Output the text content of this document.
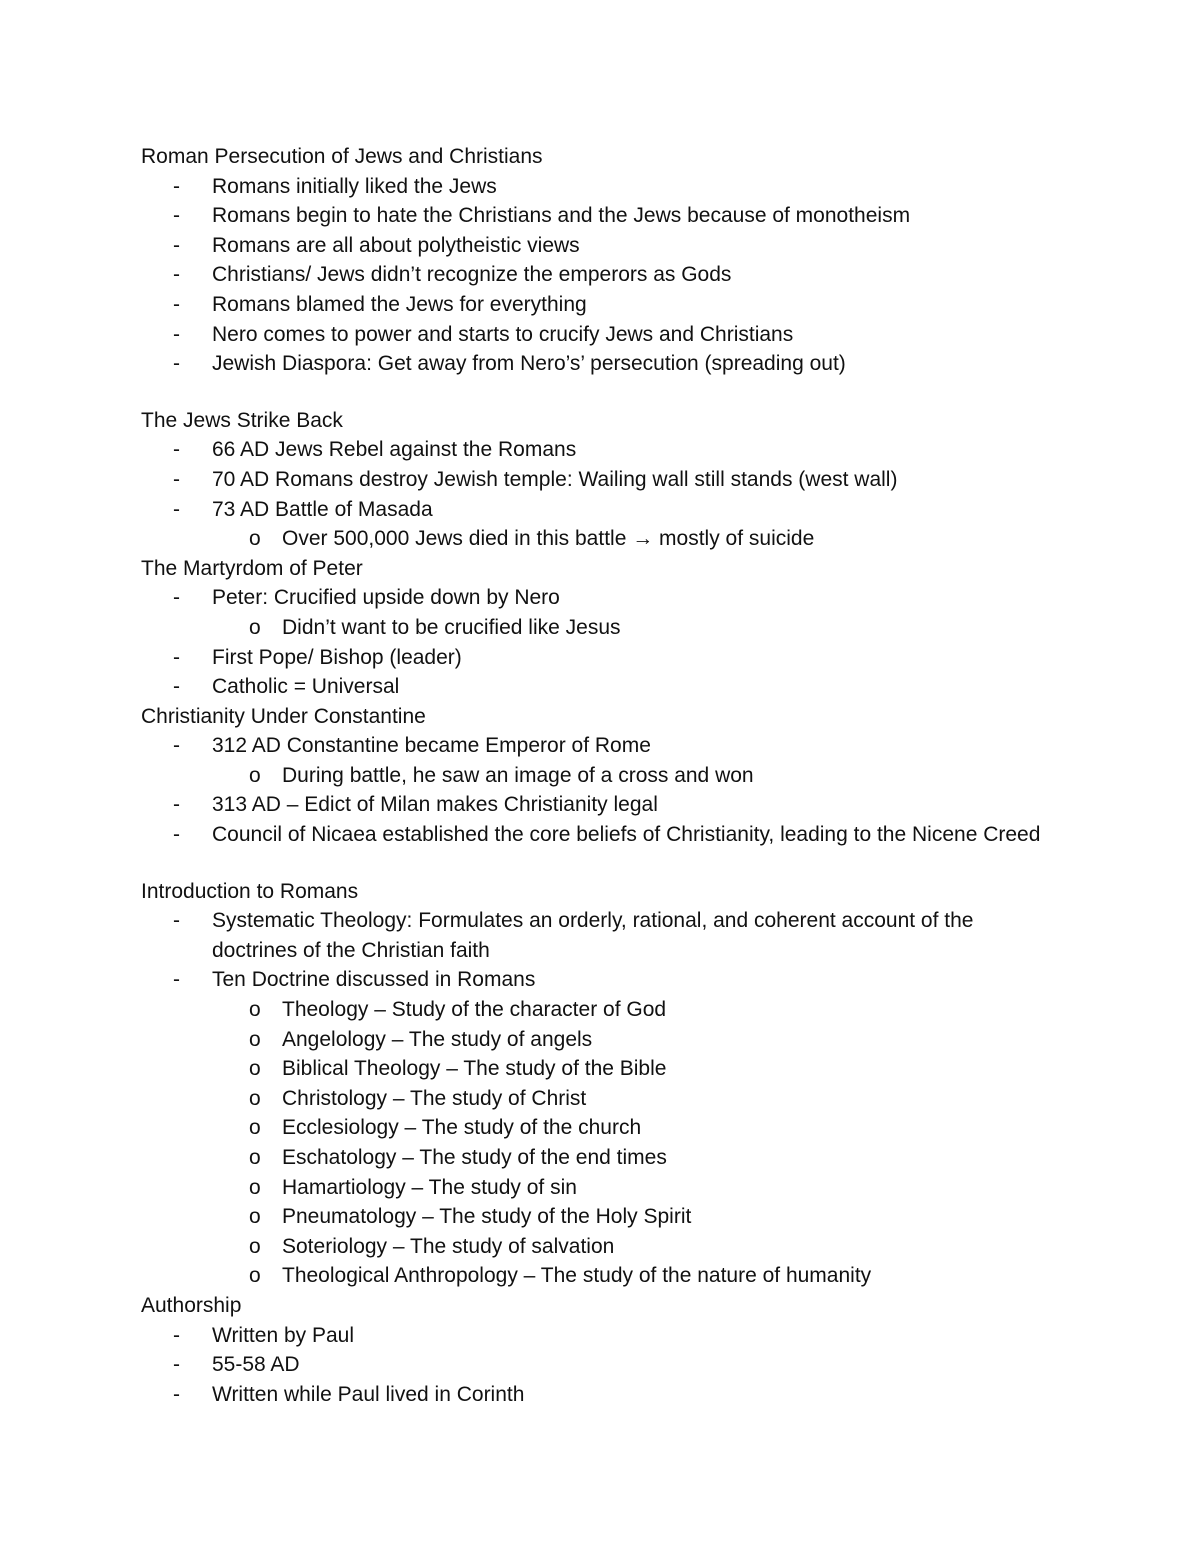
Roman Persecution of Jews and Christians
- Romans initially liked the Jews
- Romans begin to hate the Christians and the Jews because of monotheism
- Romans are all about polytheistic views
- Christians/ Jews didn’t recognize the emperors as Gods
- Romans blamed the Jews for everything
- Nero comes to power and starts to crucify Jews and Christians
- Jewish Diaspora: Get away from Nero’s’ persecution (spreading out)
The Jews Strike Back
- 66 AD Jews Rebel against the Romans
- 70 AD Romans destroy Jewish temple: Wailing wall still stands (west wall)
- 73 AD Battle of Masada
o Over 500,000 Jews died in this battle → mostly of suicide
The Martyrdom of Peter
- Peter: Crucified upside down by Nero
o Didn’t want to be crucified like Jesus
- First Pope/ Bishop (leader)
- Catholic = Universal
Christianity Under Constantine
- 312 AD Constantine became Emperor of Rome
o During battle, he saw an image of a cross and won
- 313 AD – Edict of Milan makes Christianity legal
- Council of Nicaea established the core beliefs of Christianity, leading to the Nicene Creed
Introduction to Romans
- Systematic Theology: Formulates an orderly, rational, and coherent account of the doctrines of the Christian faith
- Ten Doctrine discussed in Romans
o Theology – Study of the character of God
o Angelology – The study of angels
o Biblical Theology – The study of the Bible
o Christology – The study of Christ
o Ecclesiology – The study of the church
o Eschatology – The study of the end times
o Hamartiology – The study of sin
o Pneumatology – The study of the Holy Spirit
o Soteriology – The study of salvation
o Theological Anthropology – The study of the nature of humanity
Authorship
- Written by Paul
- 55-58 AD
- Written while Paul lived in Corinth
